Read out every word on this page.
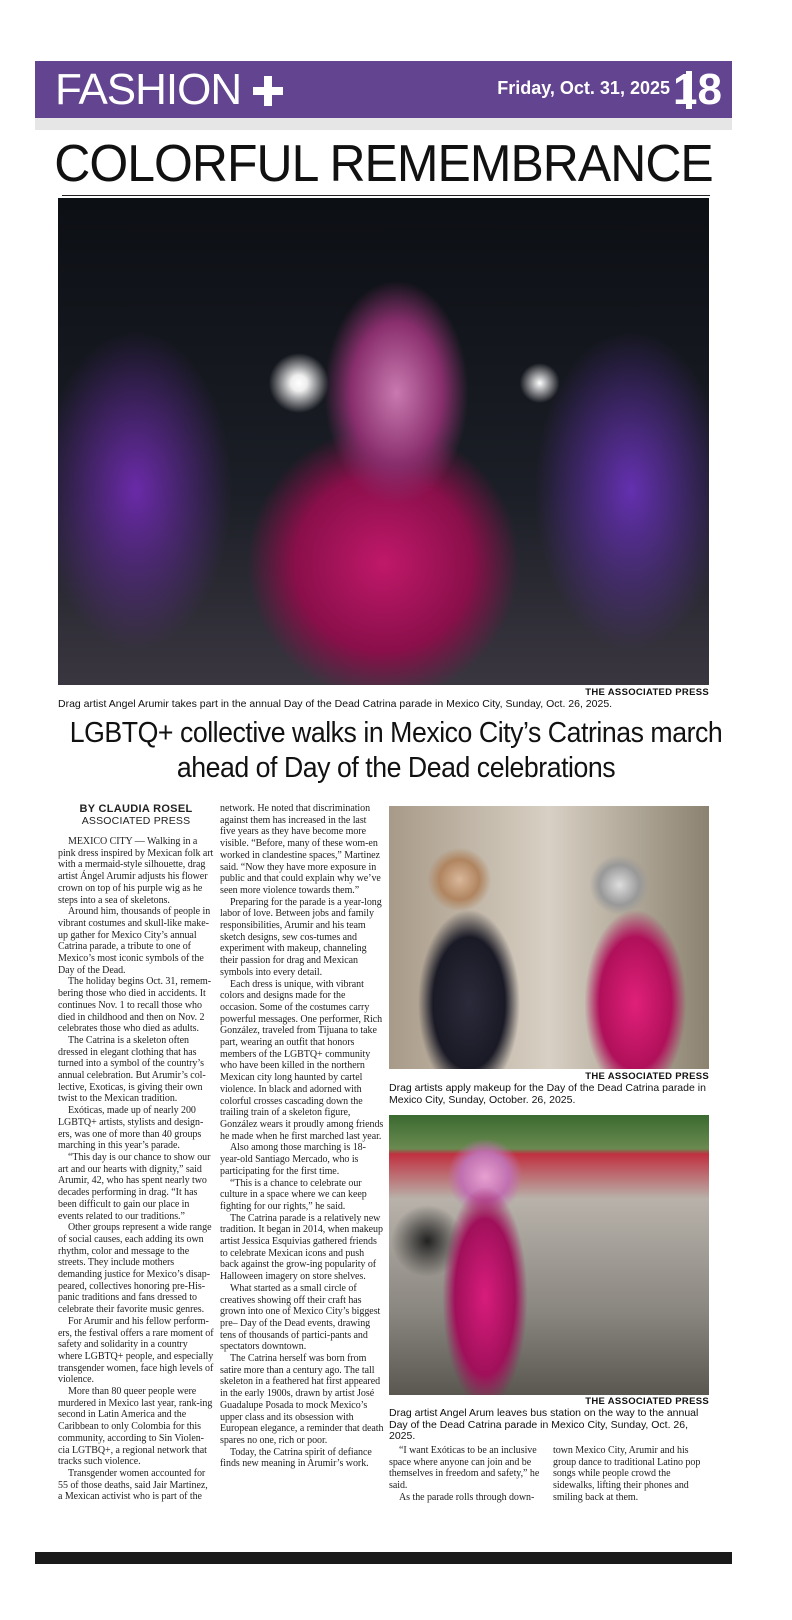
FASHION	Friday, Oct. 31, 2025 18
COLORFUL REMEMBRANCE
THE ASSOCIATED PRESS
Drag artist Angel Arumir takes part in the annual Day of the Dead Catrina parade in Mexico City, Sunday, Oct. 26, 2025.
LGBTQ+ collective walks in Mexico City’s Catrinas march ahead of Day of the Dead celebrations
BY CLAUDIA ROSEL
ASSOCIATED PRESS

MEXICO CITY — Walking in a pink dress inspired by Mexican folk art with a mermaid-style silhouette, drag artist Ángel Arumir adjusts his flower crown on top of his purple wig as he steps into a sea of skeletons.

Around him, thousands of people in vibrant costumes and skull-like make-up gather for Mexico City’s annual Catrina parade, a tribute to one of Mexico’s most iconic symbols of the Day of the Dead.

The holiday begins Oct. 31, remem-bering those who died in accidents. It continues Nov. 1 to recall those who died in childhood and then on Nov. 2 celebrates those who died as adults.

The Catrina is a skeleton often dressed in elegant clothing that has turned into a symbol of the country’s annual celebration. But Arumir’s col-lective, Exoticas, is giving their own twist to the Mexican tradition.

Exóticas, made up of nearly 200 LGBTQ+ artists, stylists and design-ers, was one of more than 40 groups marching in this year’s parade.

“This day is our chance to show our art and our hearts with dignity,” said Arumir, 42, who has spent nearly two decades performing in drag. “It has been difficult to gain our place in events related to our traditions.”

Other groups represent a wide range of social causes, each adding its own rhythm, color and message to the streets. They include mothers demanding justice for Mexico’s disap-peared, collectives honoring pre-His-panic traditions and fans dressed to celebrate their favorite music genres.

For Arumir and his fellow perform-ers, the festival offers a rare moment of safety and solidarity in a country where LGBTQ+ people, and especially transgender women, face high levels of violence.

More than 80 queer people were murdered in Mexico last year, rank-ing second in Latin America and the Caribbean to only Colombia for this community, according to Sin Violen-cia LGTBQ+, a regional network that tracks such violence.

Transgender women accounted for 55 of those deaths, said Jair Martinez, a Mexican activist who is part of the

network. He noted that discrimination against them has increased in the last five years as they have become more visible. “Before, many of these wom-en worked in clandestine spaces,” Martinez said. “Now they have more exposure in public and that could explain why we’ve seen more violence towards them.”

Preparing for the parade is a year-long labor of love. Between jobs and family responsibilities, Arumir and his team sketch designs, sew cos-tumes and experiment with makeup, channeling their passion for drag and Mexican symbols into every detail.

Each dress is unique, with vibrant colors and designs made for the occasion. Some of the costumes carry powerful messages. One performer, Rich González, traveled from Tijuana to take part, wearing an outfit that honors members of the LGBTQ+ community who have been killed in the northern Mexican city long haunted by cartel violence. In black and adorned with colorful crosses cascading down the trailing train of a skeleton figure, González wears it proudly among friends he made when he first marched last year.

Also among those marching is 18-year-old Santiago Mercado, who is participating for the first time.

“This is a chance to celebrate our culture in a space where we can keep fighting for our rights,” he said.

The Catrina parade is a relatively new tradition. It began in 2014, when makeup artist Jessica Esquivias gathered friends to celebrate Mexican icons and push back against the grow-ing popularity of Halloween imagery on store shelves.

What started as a small circle of creatives showing off their craft has grown into one of Mexico City’s biggest pre– Day of the Dead events, drawing tens of thousands of partici-pants and spectators downtown.

The Catrina herself was born from satire more than a century ago. The tall skeleton in a feathered hat first appeared in the early 1900s, drawn by artist José Guadalupe Posada to mock Mexico’s upper class and its obsession with European elegance, a reminder that death spares no one, rich or poor.

Today, the Catrina spirit of defiance finds new meaning in Arumir’s work.

THE ASSOCIATED PRESS
Drag artists apply makeup for the Day of the Dead Catrina parade in Mexico City, Sunday, October. 26, 2025.
THE ASSOCIATED PRESS
Drag artist Angel Arum leaves bus station on the way to the annual Day of the Dead Catrina parade in Mexico City, Sunday, Oct. 26, 2025.

“I want Exóticas to be an inclusive space where anyone can join and be themselves in freedom and safety,” he said.

As the parade rolls through down-

town Mexico City, Arumir and his group dance to traditional Latino pop songs while people crowd the sidewalks, lifting their phones and smiling back at them.
